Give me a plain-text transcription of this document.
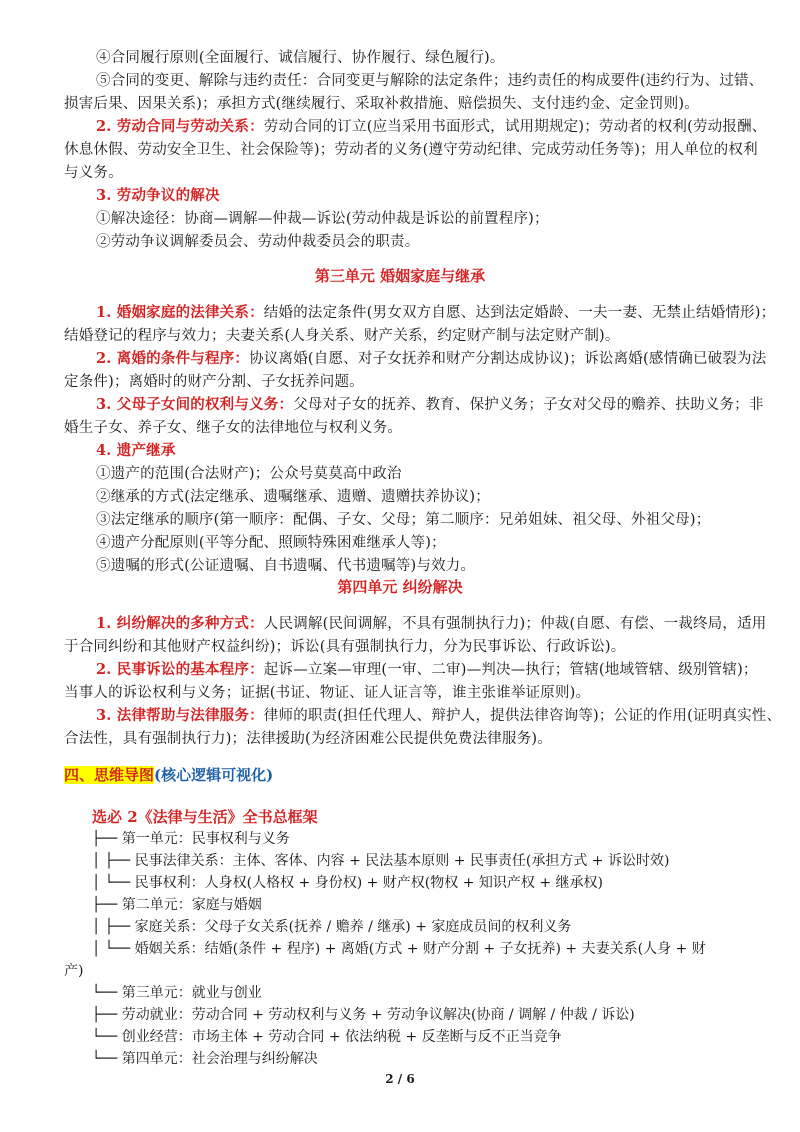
④合同履行原则(全面履行、诚信履行、协作履行、绿色履行)。
⑤合同的变更、解除与违约责任：合同变更与解除的法定条件；违约责任的构成要件(违约行为、过错、
损害后果、因果关系)；承担方式(继续履行、采取补救措施、赔偿损失、支付违约金、定金罚则)。
2. 劳动合同与劳动关系：劳动合同的订立(应当采用书面形式，试用期规定)；劳动者的权利(劳动报酬、
休息休假、劳动安全卫生、社会保险等)；劳动者的义务(遵守劳动纪律、完成劳动任务等)；用人单位的权利
与义务。
3. 劳动争议的解决
①解决途径：协商—调解—仲裁—诉讼(劳动仲裁是诉讼的前置程序)；
②劳动争议调解委员会、劳动仲裁委员会的职责。
第三单元 婚姻家庭与继承
1. 婚姻家庭的法律关系：结婚的法定条件(男女双方自愿、达到法定婚龄、一夫一妻、无禁止结婚情形)；
结婚登记的程序与效力；夫妻关系(人身关系、财产关系，约定财产制与法定财产制)。
2. 离婚的条件与程序：协议离婚(自愿、对子女抚养和财产分割达成协议)；诉讼离婚(感情确已破裂为法
定条件)；离婚时的财产分割、子女抚养问题。
3. 父母子女间的权利与义务：父母对子女的抚养、教育、保护义务；子女对父母的赡养、扶助义务；非
婚生子女、养子女、继子女的法律地位与权利义务。
4. 遗产继承
①遗产的范围(合法财产)；公众号莫莫高中政治
②继承的方式(法定继承、遗嘱继承、遗赠、遗赠扶养协议)；
③法定继承的顺序(第一顺序：配偶、子女、父母；第二顺序：兄弟姐妹、祖父母、外祖父母)；
④遗产分配原则(平等分配、照顾特殊困难继承人等)；
⑤遗嘱的形式(公证遗嘱、自书遗嘱、代书遗嘱等)与效力。
第四单元 纠纷解决
1. 纠纷解决的多种方式：人民调解(民间调解，不具有强制执行力)；仲裁(自愿、有偿、一裁终局，适用
于合同纠纷和其他财产权益纠纷)；诉讼(具有强制执行力，分为民事诉讼、行政诉讼)。
2. 民事诉讼的基本程序：起诉—立案—审理(一审、二审)—判决—执行；管辖(地域管辖、级别管辖)；
当事人的诉讼权利与义务；证据(书证、物证、证人证言等，谁主张谁举证原则)。
3. 法律帮助与法律服务：律师的职责(担任代理人、辩护人，提供法律咨询等)；公证的作用(证明真实性、
合法性，具有强制执行力)；法律援助(为经济困难公民提供免费法律服务)。
四、思维导图(核心逻辑可视化)
选必 2《法律与生活》全书总框架
├── 第一单元：民事权利与义务
│ ├── 民事法律关系：主体、客体、内容 + 民法基本原则 + 民事责任(承担方式 + 诉讼时效)
│ └── 民事权利：人身权(人格权 + 身份权) + 财产权(物权 + 知识产权 + 继承权)
├── 第二单元：家庭与婚姻
│ ├── 家庭关系：父母子女关系(抚养 / 赡养 / 继承) + 家庭成员间的权利义务
│ └── 婚姻关系：结婚(条件 + 程序) + 离婚(方式 + 财产分割 + 子女抚养) + 夫妻关系(人身 + 财
产)
└── 第三单元：就业与创业
├── 劳动就业：劳动合同 + 劳动权利与义务 + 劳动争议解决(协商 / 调解 / 仲裁 / 诉讼)
└── 创业经营：市场主体 + 劳动合同 + 依法纳税 + 反垄断与反不正当竞争
└── 第四单元：社会治理与纠纷解决
2 / 6
